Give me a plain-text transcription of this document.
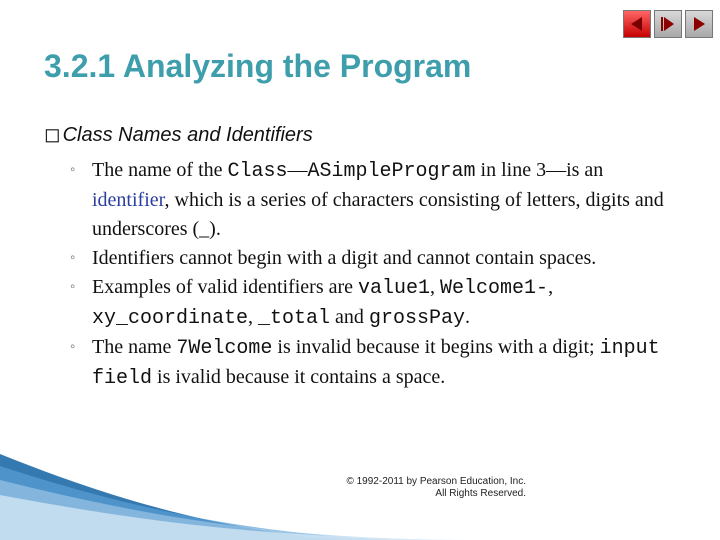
3.2.1 Analyzing the Program
◻ Class Names and Identifiers
◦ The name of the Class—ASimpleProgram in line 3—is an identifier, which is a series of characters consisting of letters, digits and underscores (_).
◦ Identifiers cannot begin with a digit and cannot contain spaces.
◦ Examples of valid identifiers are value1, Welcome1-, xy_coordinate, _total and grossPay.
◦ The name 7Welcome is invalid because it begins with a digit; input field is ivalid because it contains a space.
© 1992-2011 by Pearson Education, Inc.
All Rights Reserved.
